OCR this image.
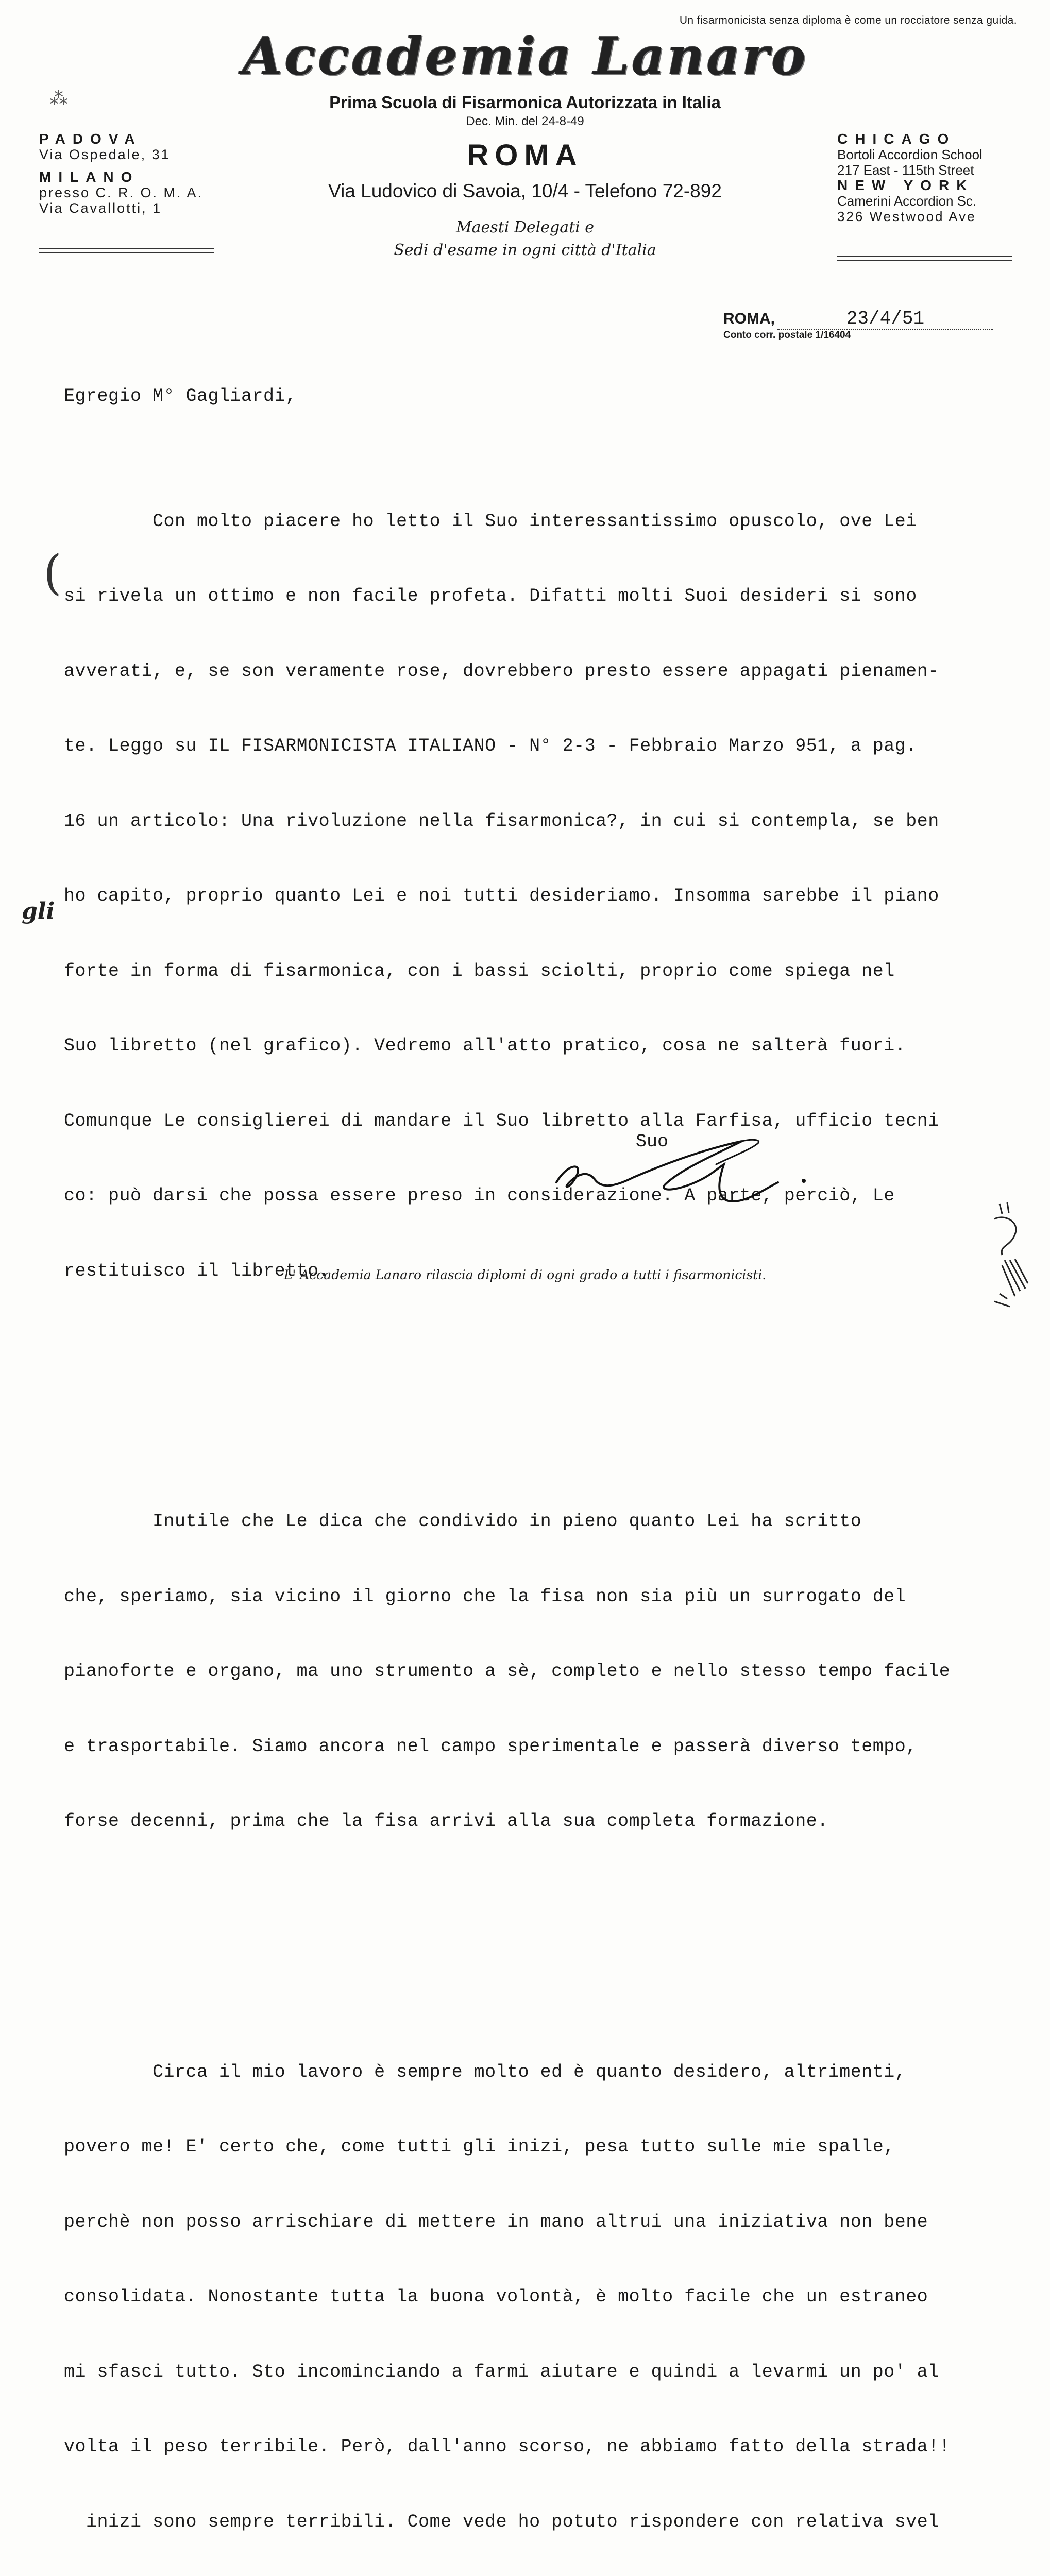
Un fisarmonicista senza diploma è come un rocciatore senza guida.
Accademia Lanaro
Prima Scuola di Fisarmonica Autorizzata in Italia
Dec. Min. del 24-8-49
ROMA
Via Ludovico di Savoia, 10/4 - Telefono 72-892
Maesti Delegati e
Sedi d'esame in ogni città d'Italia
⁂
PADOVA
Via Ospedale, 31
MILANO
presso C. R. O. M. A.
Via Cavallotti, 1
CHICAGO
Bortoli Accordion School
217 East - 115th Street
NEW YORK
Camerini Accordion Sc.
326 Westwood Ave
ROMA,	23/4/51
Conto corr. postale 1/16404

Egregio M° Gagliardi,

Con molto piacere ho letto il Suo interessantissimo opuscolo, ove Lei

si rivela un ottimo e non facile profeta. Difatti molti Suoi desideri si sono

avverati, e, se son veramente rose, dovrebbero presto essere appagati pienamen-

te. Leggo su IL FISARMONICISTA ITALIANO - N° 2-3 - Febbraio Marzo 951, a pag.

16 un articolo: Una rivoluzione nella fisarmonica?, in cui si contempla, se ben

ho capito, proprio quanto Lei e noi tutti desideriamo. Insomma sarebbe il piano

forte in forma di fisarmonica, con i bassi sciolti, proprio come spiega nel

Suo libretto (nel grafico). Vedremo all'atto pratico, cosa ne salterà fuori.

Comunque Le consiglierei di mandare il Suo libretto alla Farfisa, ufficio tecni

co: può darsi che possa essere preso in considerazione. A parte, perciò, Le

restituisco il libretto.

Inutile che Le dica che condivido in pieno quanto Lei ha scritto

che, speriamo, sia vicino il giorno che la fisa non sia più un surrogato del

pianoforte e organo, ma uno strumento a sè, completo e nello stesso tempo facile

e trasportabile. Siamo ancora nel campo sperimentale e passerà diverso tempo,

forse decenni, prima che la fisa arrivi alla sua completa formazione.

Circa il mio lavoro è sempre molto ed è quanto desidero, altrimenti,

povero me! E' certo che, come tutti gli inizi, pesa tutto sulle mie spalle,

perchè non posso arrischiare di mettere in mano altrui una iniziativa non bene

consolidata. Nonostante tutta la buona volontà, è molto facile che un estraneo

mi sfasci tutto. Sto incominciando a farmi aiutare e quindi a levarmi un po' al

volta il peso terribile. Però, dall'anno scorso, ne abbiamo fatto della strada!!

inizi sono sempre terribili. Come vede ho potuto rispondere con relativa svel

(
gli
Suo
L' Accademia Lanaro rilascia diplomi di ogni grado a tutti i fisarmonicisti.
